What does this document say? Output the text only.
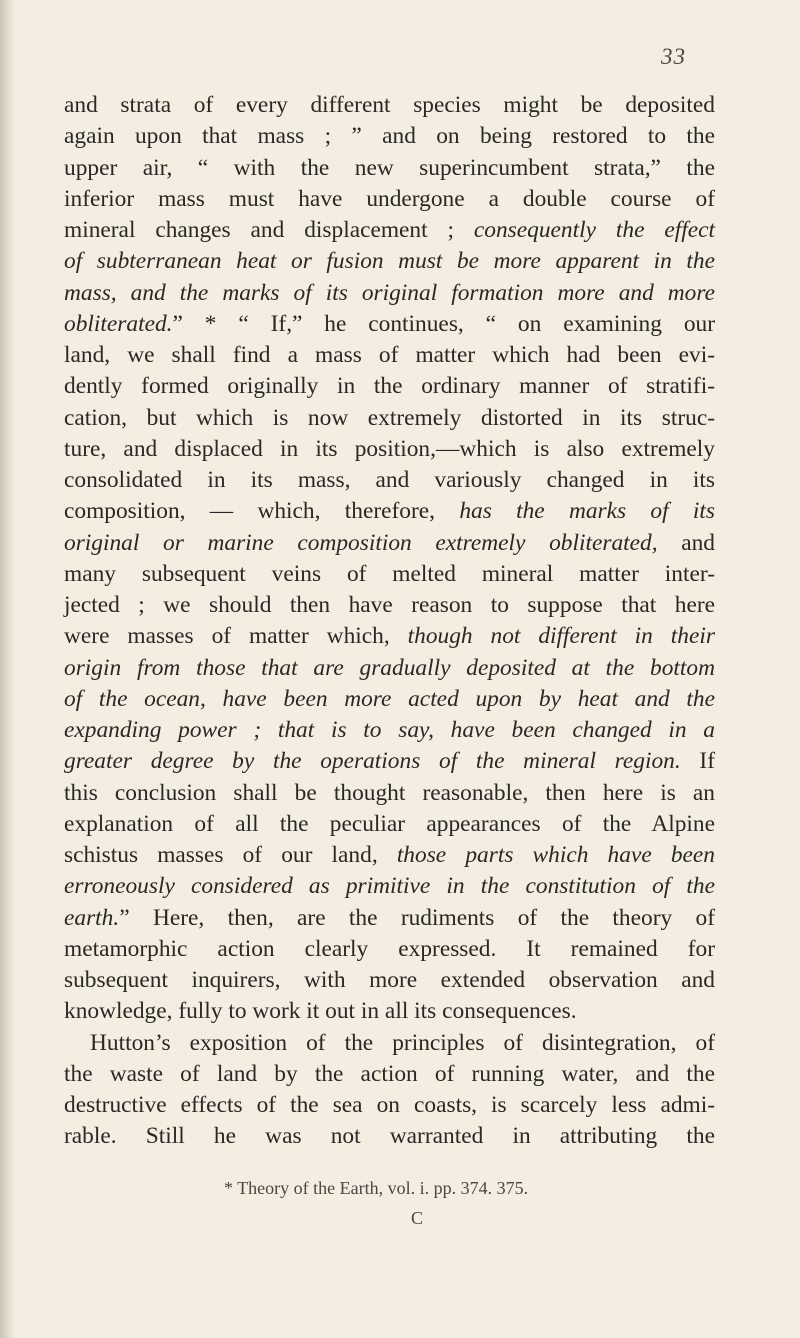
33
and strata of every different species might be deposited
again upon that mass ; ” and on being restored to the
upper air, “ with the new superincumbent strata,” the
inferior mass must have undergone a double course of
mineral changes and displacement ; consequently the effect
of subterranean heat or fusion must be more apparent in the
mass, and the marks of its original formation more and more
obliterated.” * “ If,” he continues, “ on examining our
land, we shall find a mass of matter which had been evi-
dently formed originally in the ordinary manner of stratifi-
cation, but which is now extremely distorted in its struc-
ture, and displaced in its position,—which is also extremely
consolidated in its mass, and variously changed in its
composition, — which, therefore, has the marks of its
original or marine composition extremely obliterated, and
many subsequent veins of melted mineral matter inter-
jected ; we should then have reason to suppose that here
were masses of matter which, though not different in their
origin from those that are gradually deposited at the bottom
of the ocean, have been more acted upon by heat and the
expanding power ; that is to say, have been changed in a
greater degree by the operations of the mineral region. If
this conclusion shall be thought reasonable, then here is an
explanation of all the peculiar appearances of the Alpine
schistus masses of our land, those parts which have been
erroneously considered as primitive in the constitution of the
earth.” Here, then, are the rudiments of the theory of
metamorphic action clearly expressed. It remained for
subsequent inquirers, with more extended observation and
knowledge, fully to work it out in all its consequences.
Hutton’s exposition of the principles of disintegration, of
the waste of land by the action of running water, and the
destructive effects of the sea on coasts, is scarcely less admi-
rable. Still he was not warranted in attributing the
* Theory of the Earth, vol. i. pp. 374. 375.
C
